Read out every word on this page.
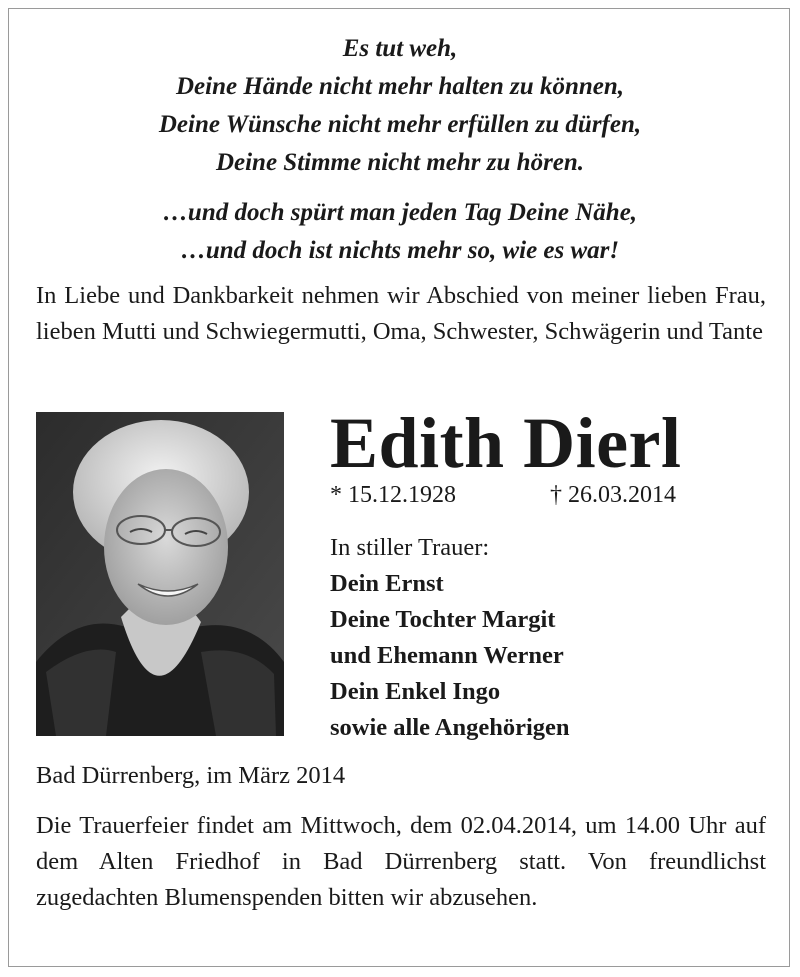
Es tut weh,
Deine Hände nicht mehr halten zu können,
Deine Wünsche nicht mehr erfüllen zu dürfen,
Deine Stimme nicht mehr zu hören.
…und doch spürt man jeden Tag Deine Nähe,
…und doch ist nichts mehr so, wie es war!
In Liebe und Dankbarkeit nehmen wir Abschied von meiner lieben Frau, lieben Mutti und Schwiegermutti, Oma, Schwester, Schwägerin und Tante
Edith Dierl
* 15.12.1928	† 26.03.2014
In stiller Trauer:
Dein Ernst
Deine Tochter Margit
und Ehemann Werner
Dein Enkel Ingo
sowie alle Angehörigen
Bad Dürrenberg, im März 2014
Die Trauerfeier findet am Mittwoch, dem 02.04.2014, um 14.00 Uhr auf dem Alten Friedhof in Bad Dürrenberg statt. Von freundlichst zugedachten Blumenspenden bitten wir abzusehen.
